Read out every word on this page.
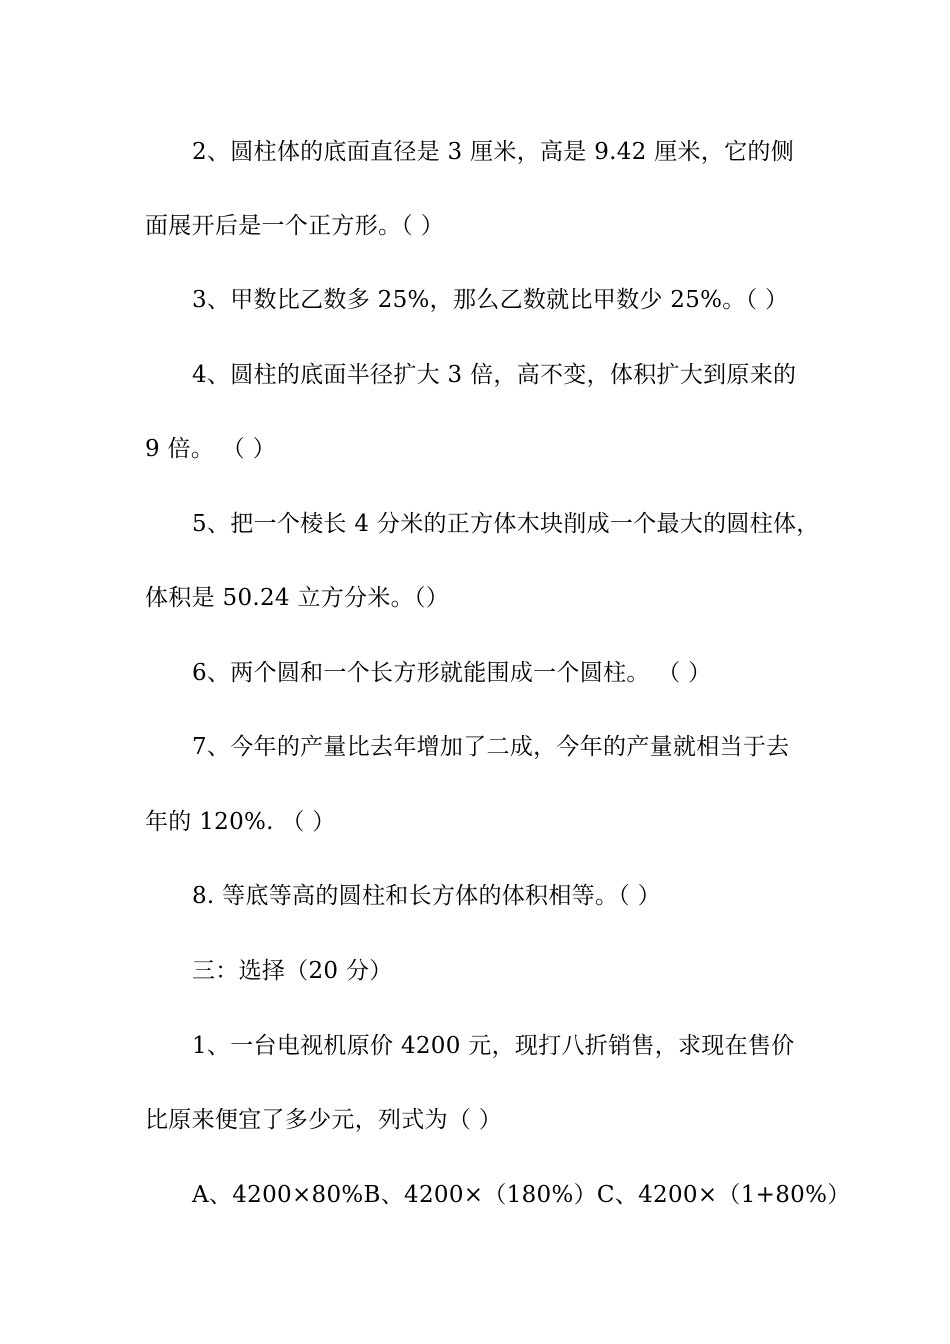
2、圆柱体的底面直径是 3 厘米，高是 9.42 厘米，它的侧
面展开后是一个正方形。（ ）
3、甲数比乙数多 25%，那么乙数就比甲数少 25%。（ ）
4、圆柱的底面半径扩大 3 倍，高不变，体积扩大到原来的
9 倍。 （ ）
5、把一个棱长 4 分米的正方体木块削成一个最大的圆柱体，
体积是 50.24 立方分米。（）
6、两个圆和一个长方形就能围成一个圆柱。 （ ）
7、今年的产量比去年增加了二成，今年的产量就相当于去
年的 120%. （ ）
8. 等底等高的圆柱和长方体的体积相等。（ ）
三：选择（20 分）
1、一台电视机原价 4200 元，现打八折销售，求现在售价
比原来便宜了多少元，列式为（ ）
A、4200×80%B、4200×（180%）C、4200×（1+80%）
